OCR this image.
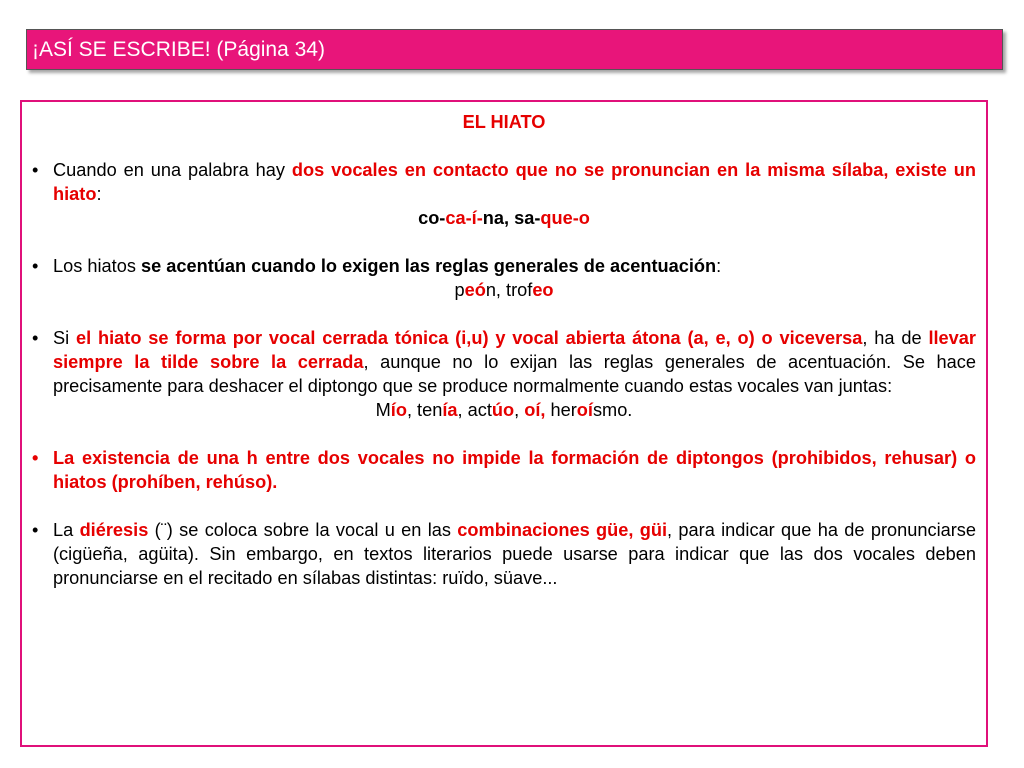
¡ASÍ SE ESCRIBE! (Página 34)
EL HIATO
• Cuando en una palabra hay dos vocales en contacto que no se pronuncian en la misma sílaba, existe un hiato:
co-ca-í-na, sa-que-o
• Los hiatos se acentúan cuando lo exigen las reglas generales de acentuación:
peón, trofeo
• Si el hiato se forma por vocal cerrada tónica (i,u) y vocal abierta átona (a, e, o) o viceversa, ha de llevar siempre la tilde sobre la cerrada, aunque no lo exijan las reglas generales de acentuación. Se hace precisamente para deshacer el diptongo que se produce normalmente cuando estas vocales van juntas:
Mío, tenía, actúo, oí, heroísmo.
• La existencia de una h entre dos vocales no impide la formación de diptongos (prohibidos, rehusar) o hiatos (prohíben, rehúso).
• La diéresis (¨) se coloca sobre la vocal u en las combinaciones güe, güi, para indicar que ha de pronunciarse (cigüeña, agüita). Sin embargo, en textos literarios puede usarse para indicar que las dos vocales deben pronunciarse en el recitado en sílabas distintas: ruïdo, süave...
